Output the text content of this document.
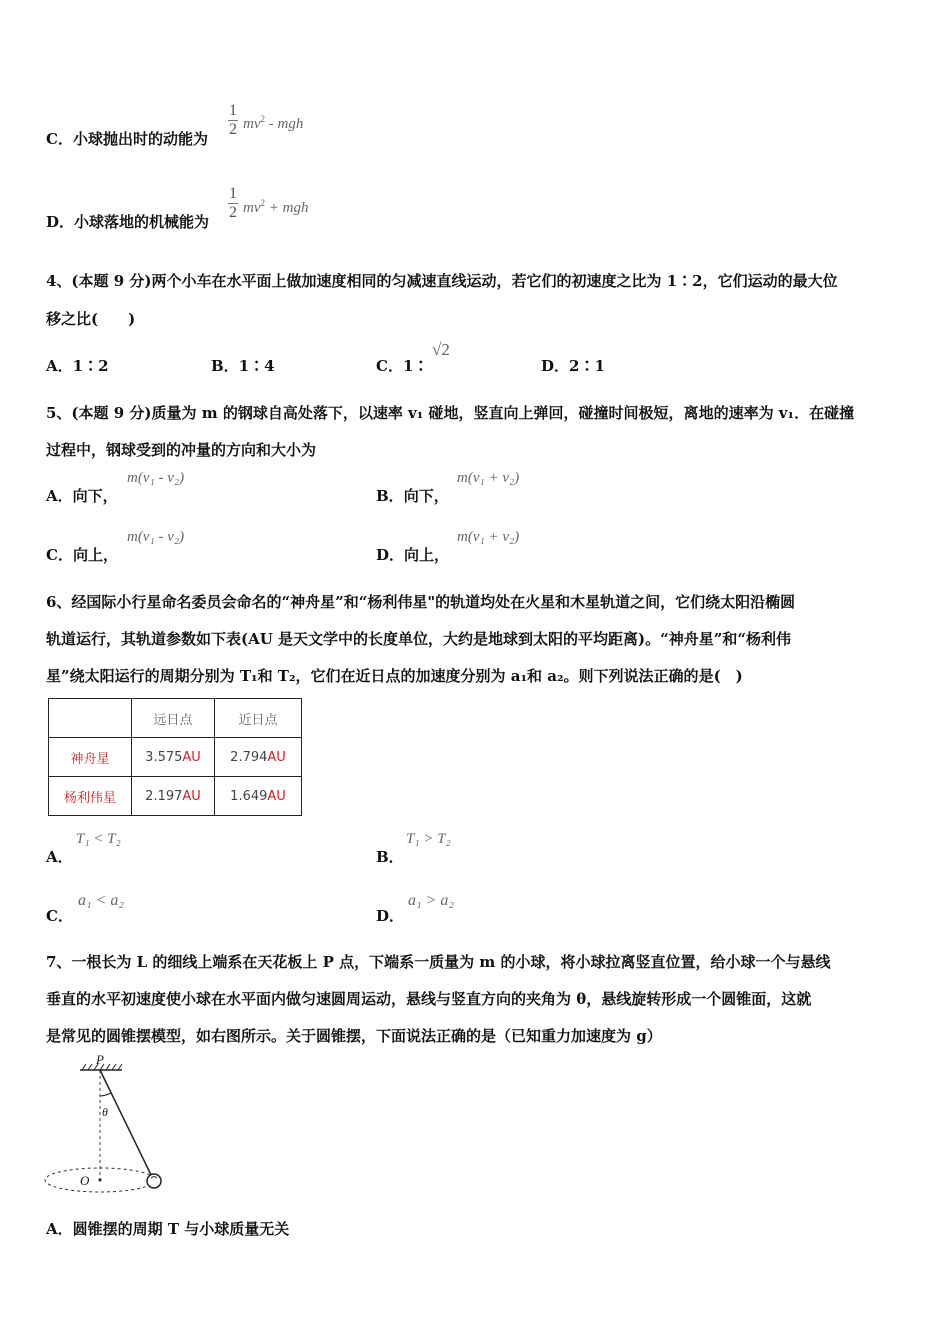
C．小球抛出时的动能为
1
2 $mv^2$ - mgh
D．小球落地的机械能为
1
2 $mv^2$ + mgh
4、(本题 9 分)两个小车在水平面上做加速度相同的匀减速直线运动，若它们的初速度之比为 1∶2，它们运动的最大位
移之比(　　)
A．1∶2	B．1∶4	C．1∶
√2
D．2∶1
5、(本题 9 分)质量为 m 的钢球自高处落下，以速率 v₁ 碰地，竖直向上弹回，碰撞时间极短，离地的速率为 v₁．在碰撞
过程中，钢球受到的冲量的方向和大小为
A．向下，
m(v₁ - v₂)
B．向下，
m(v₁ + v₂)
C．向上，
m(v₁ - v₂)
D．向上，
m(v₁ + v₂)
6、经国际小行星命名委员会命名的“神舟星”和“杨利伟星"的轨道均处在火星和木星轨道之间，它们绕太阳沿椭圆
轨道运行，其轨道参数如下表(AU 是天文学中的长度单位，大约是地球到太阳的平均距离)。“神舟星”和“杨利伟
星”绕太阳运行的周期分别为 T₁和 T₂，它们在近日点的加速度分别为 a₁和 a₂。则下列说法正确的是(　)
	远日点	近日点
神舟星	3.575AU	2.794AU
杨利伟星	2.197AU	1.649AU
A．
T₁ < T₂
B．
T₁ > T₂
C．
a₁ < a₂
D．
a₁ > a₂
7、一根长为 L 的细线上端系在天花板上 P 点，下端系一质量为 m 的小球，将小球拉离竖直位置，给小球一个与悬线
垂直的水平初速度使小球在水平面内做匀速圆周运动，悬线与竖直方向的夹角为 θ，悬线旋转形成一个圆锥面，这就
是常见的圆锥摆模型，如右图所示。关于圆锥摆，下面说法正确的是（已知重力加速度为 g）
P
θ
O
A．圆锥摆的周期 T 与小球质量无关
